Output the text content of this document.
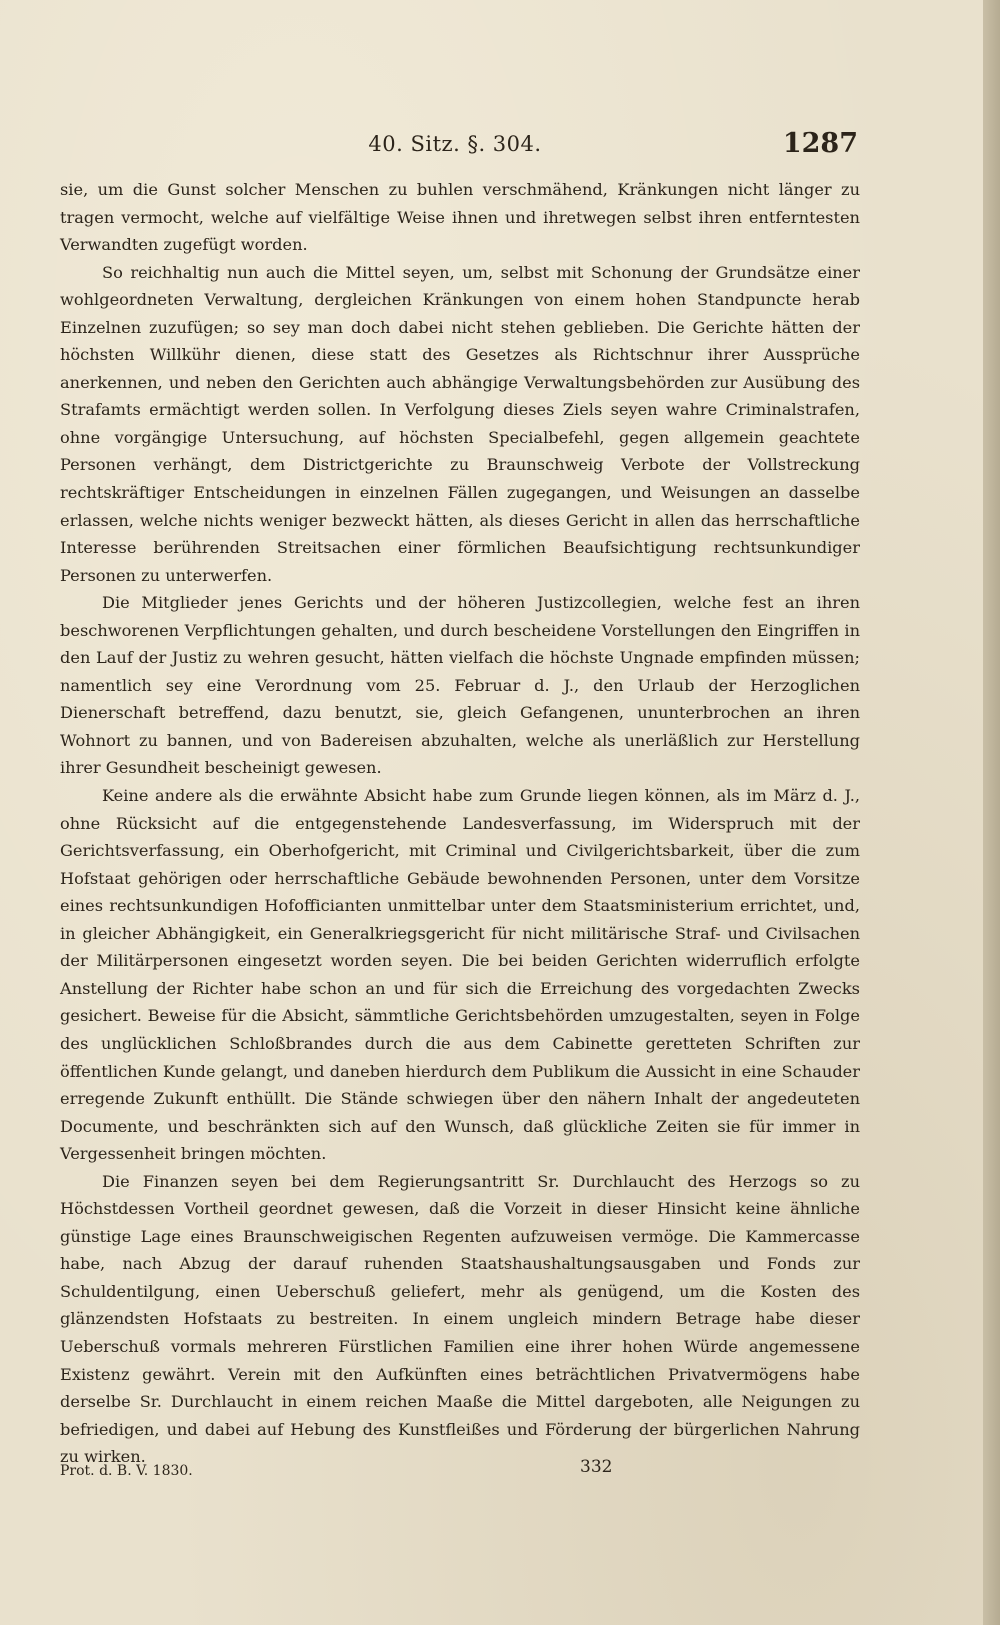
40. Sitz. §. 304.	1287

sie, um die Gunst solcher Menschen zu buhlen verschmähend, Kränkungen nicht länger zu tragen vermocht, welche auf vielfältige Weise ihnen und ihretwegen selbst ihren entferntesten Verwandten zugefügt worden.

So reichhaltig nun auch die Mittel seyen, um, selbst mit Schonung der Grundsätze einer wohlgeordneten Verwaltung, dergleichen Kränkungen von einem hohen Standpuncte herab Einzelnen zuzufügen; so sey man doch dabei nicht stehen geblieben. Die Gerichte hätten der höchsten Willkühr dienen, diese statt des Gesetzes als Richtschnur ihrer Aussprüche anerkennen, und neben den Gerichten auch abhängige Verwaltungsbehörden zur Ausübung des Strafamts ermächtigt werden sollen. In Verfolgung dieses Ziels seyen wahre Criminalstrafen, ohne vorgängige Untersuchung, auf höchsten Specialbefehl, gegen allgemein geachtete Personen verhängt, dem Districtgerichte zu Braunschweig Verbote der Vollstreckung rechtskräftiger Entscheidungen in einzelnen Fällen zugegangen, und Weisungen an dasselbe erlassen, welche nichts weniger bezweckt hätten, als dieses Gericht in allen das herrschaftliche Interesse berührenden Streitsachen einer förmlichen Beaufsichtigung rechtsunkundiger Personen zu unterwerfen.

Die Mitglieder jenes Gerichts und der höheren Justizcollegien, welche fest an ihren beschworenen Verpflichtungen gehalten, und durch bescheidene Vorstellungen den Eingriffen in den Lauf der Justiz zu wehren gesucht, hätten vielfach die höchste Ungnade empfinden müssen; namentlich sey eine Verordnung vom 25. Februar d. J., den Urlaub der Herzoglichen Dienerschaft betreffend, dazu benutzt, sie, gleich Gefangenen, ununterbrochen an ihren Wohnort zu bannen, und von Badereisen abzuhalten, welche als unerläßlich zur Herstellung ihrer Gesundheit bescheinigt gewesen.

Keine andere als die erwähnte Absicht habe zum Grunde liegen können, als im März d. J., ohne Rücksicht auf die entgegenstehende Landesverfassung, im Widerspruch mit der Gerichtsverfassung, ein Oberhofgericht, mit Criminal und Civilgerichtsbarkeit, über die zum Hofstaat gehörigen oder herrschaftliche Gebäude bewohnenden Personen, unter dem Vorsitze eines rechtsunkundigen Hofofficianten unmittelbar unter dem Staatsministerium errichtet, und, in gleicher Abhängigkeit, ein Generalkriegsgericht für nicht militärische Straf- und Civilsachen der Militärpersonen eingesetzt worden seyen. Die bei beiden Gerichten widerruflich erfolgte Anstellung der Richter habe schon an und für sich die Erreichung des vorgedachten Zwecks gesichert. Beweise für die Absicht, sämmtliche Gerichtsbehörden umzugestalten, seyen in Folge des unglücklichen Schloßbrandes durch die aus dem Cabinette geretteten Schriften zur öffentlichen Kunde gelangt, und daneben hierdurch dem Publikum die Aussicht in eine Schauder erregende Zukunft enthüllt. Die Stände schwiegen über den nähern Inhalt der angedeuteten Documente, und beschränkten sich auf den Wunsch, daß glückliche Zeiten sie für immer in Vergessenheit bringen möchten.

Die Finanzen seyen bei dem Regierungsantritt Sr. Durchlaucht des Herzogs so zu Höchstdessen Vortheil geordnet gewesen, daß die Vorzeit in dieser Hinsicht keine ähnliche günstige Lage eines Braunschweigischen Regenten aufzuweisen vermöge. Die Kammercasse habe, nach Abzug der darauf ruhenden Staatshaushaltungsausgaben und Fonds zur Schuldentilgung, einen Ueberschuß geliefert, mehr als genügend, um die Kosten des glänzendsten Hofstaats zu bestreiten. In einem ungleich mindern Betrage habe dieser Ueberschuß vormals mehreren Fürstlichen Familien eine ihrer hohen Würde angemessene Existenz gewährt. Verein mit den Aufkünften eines beträchtlichen Privatvermögens habe derselbe Sr. Durchlaucht in einem reichen Maaße die Mittel dargeboten, alle Neigungen zu befriedigen, und dabei auf Hebung des Kunstfleißes und Förderung der bürgerlichen Nahrung zu wirken.

Prot. d. B. V. 1830.	332
